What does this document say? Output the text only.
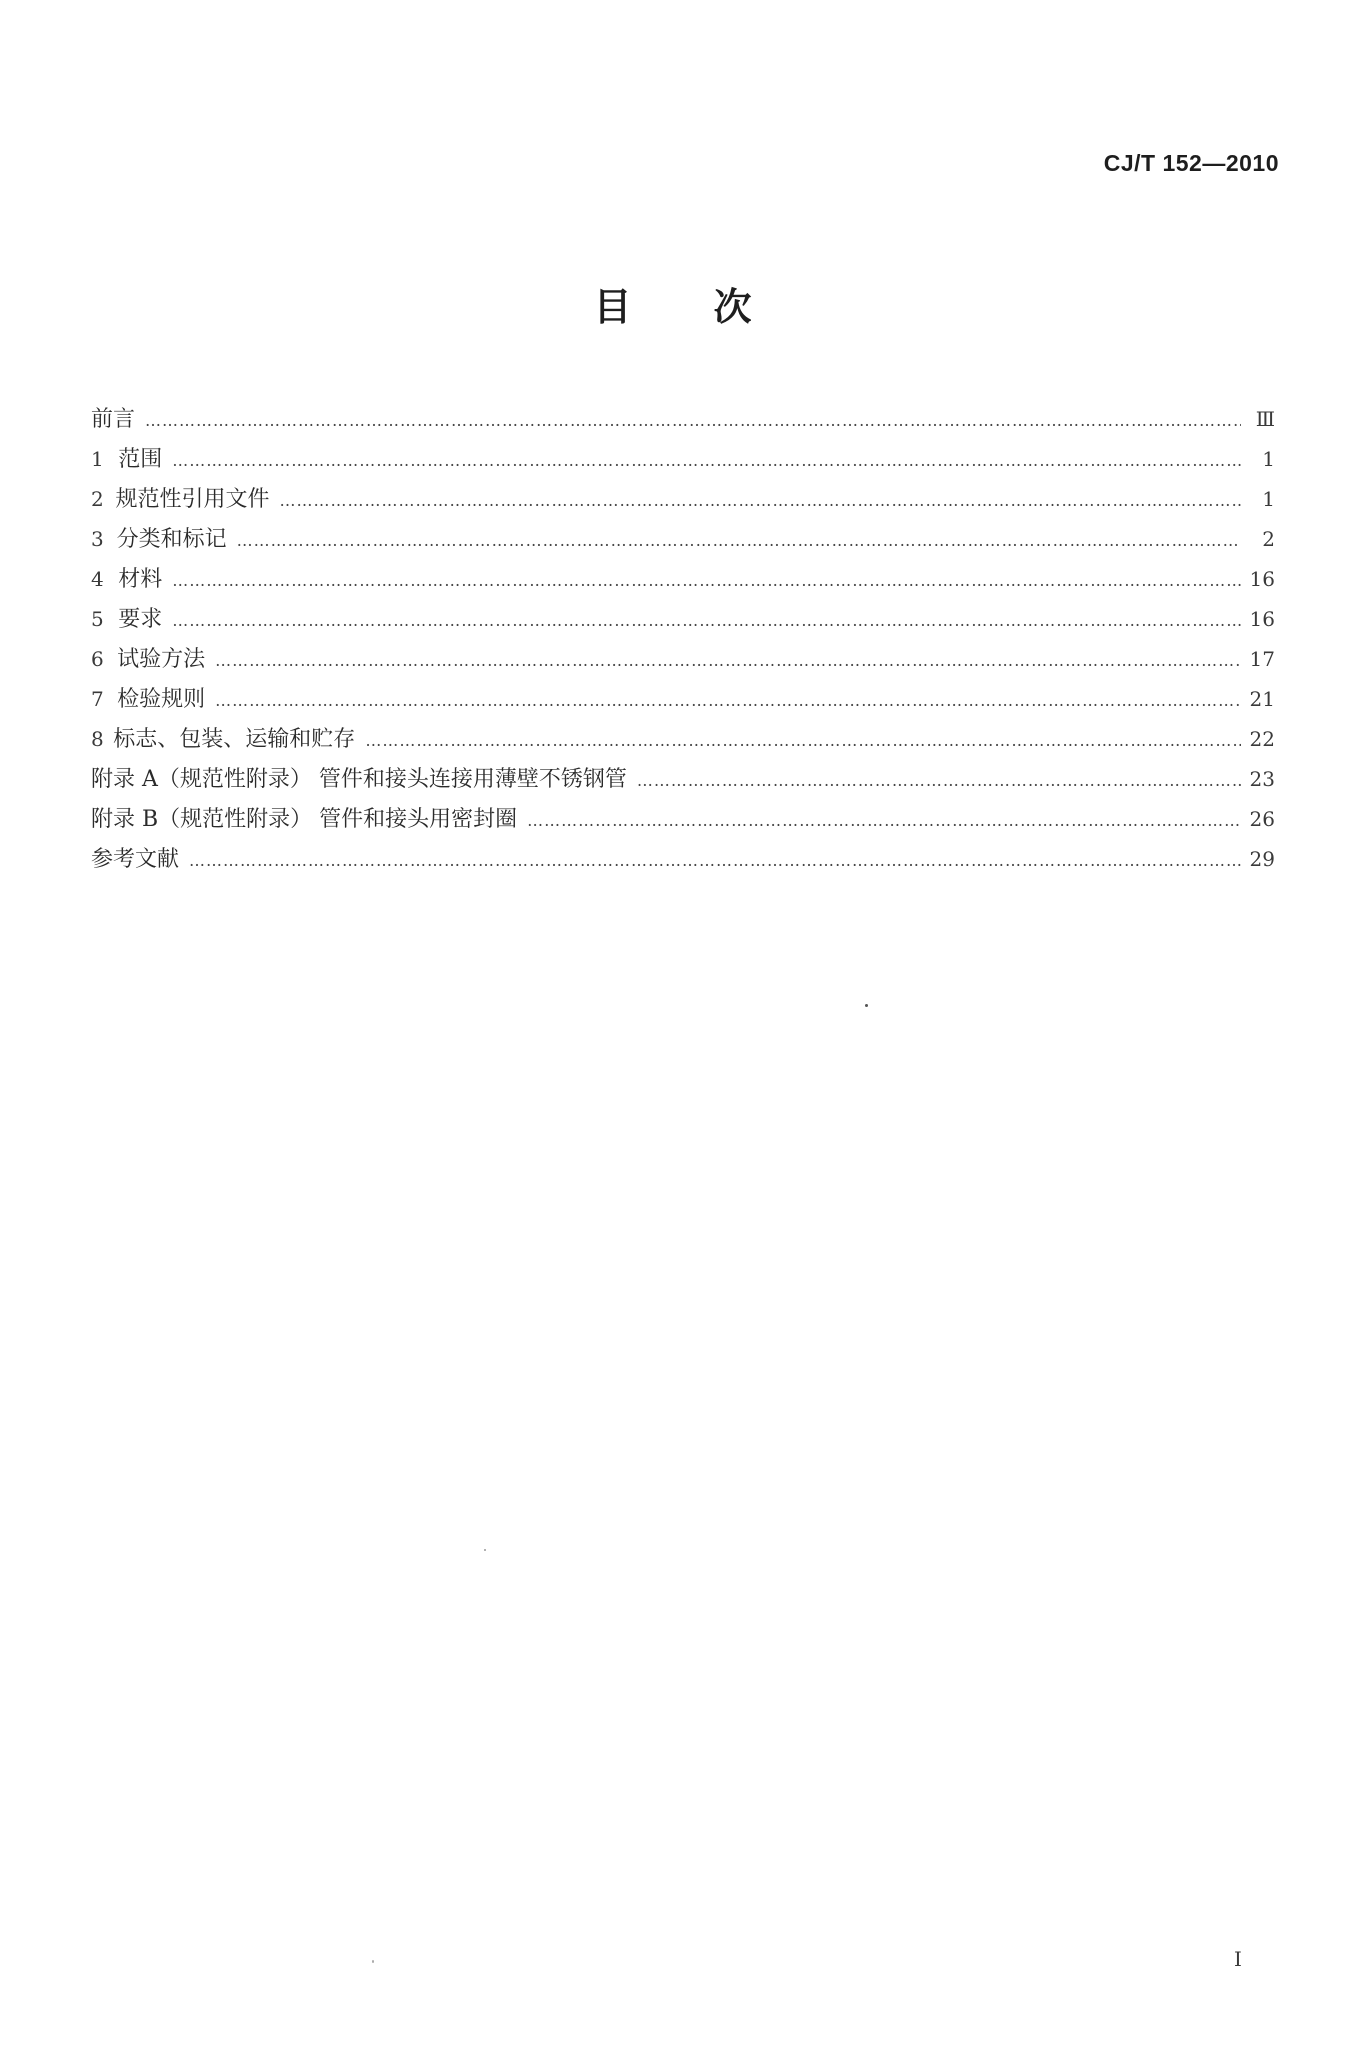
CJ/T 152—2010
目 次
前言 …………………………………………………………………………………………………………………………………………………………………………………………………………………………………………………………………	Ⅲ
1 范围 …………………………………………………………………………………………………………………………………………………………………………………………………………………………………………………………………	1
2 规范性引用文件 …………………………………………………………………………………………………………………………………………………………………………………………………………………………………………………………………	1
3 分类和标记 …………………………………………………………………………………………………………………………………………………………………………………………………………………………………………………………………	2
4 材料 …………………………………………………………………………………………………………………………………………………………………………………………………………………………………………………………………	16
5 要求 …………………………………………………………………………………………………………………………………………………………………………………………………………………………………………………………………	16
6 试验方法 …………………………………………………………………………………………………………………………………………………………………………………………………………………………………………………………………	17
7 检验规则 …………………………………………………………………………………………………………………………………………………………………………………………………………………………………………………………………	21
8 标志、包装、运输和贮存 …………………………………………………………………………………………………………………………………………………………………………………………………………………………………………………………………	22
附录 A（规范性附录） 管件和接头连接用薄壁不锈钢管 …………………………………………………………………………………………………………………………………………………………………………………………………………………………………………………………………	23
附录 B（规范性附录） 管件和接头用密封圈 …………………………………………………………………………………………………………………………………………………………………………………………………………………………………………………………………	26
参考文献 …………………………………………………………………………………………………………………………………………………………………………………………………………………………………………………………………	29
I
